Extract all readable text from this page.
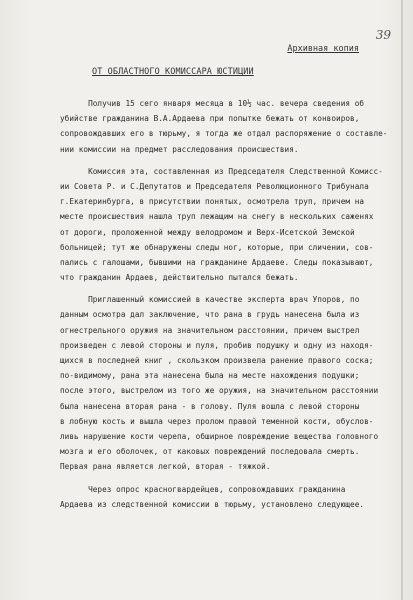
39
Архивная копия
ОТ ОБЛАСТНОГО КОМИССАРА ЮСТИЦИИ
Получив 15 сего января месяца в 10½ час. вечера сведения об
убийстве гражданина В.А.Ардаева при попытке бежать от конвоиров,
сопровождавших его в тюрьму, я тогда же отдал распоряжение о составле-
нии комиссии на предмет расследования происшествия.
Комиссия эта, составленная из Председателя Следственной Комисс-
ии Совета Р. и С.Депутатов и Председателя Революционного Трибунала
г.Екатеринбурга, в присутствии понятых, осмотрела труп, причем на
месте происшествия нашла труп лежащим на снегу в нескольких саженях
от дороги, проложенной между велодромом и Верх-Исетской Земской
больницей; тут же обнаружены следы ног, которые, при сличении, сов-
пались с галошами, бывшими на гражданине Ардаеве. Следы показывают,
что гражданин Ардаев, действительно пытался бежать.
Приглашенный комиссией в качестве эксперта врач Упоров, по
данным осмотра дал заключение, что рана в грудь нанесена была из
огнестрельного оружия на значительном расстоянии, причем выстрел
произведен с левой стороны и пуля, пробив подушку и одну из находя-
щихся в последней книг , скользком произвела ранение правого соска;
по-видимому, рана эта нанесена была на месте нахождения подушки;
после этого, выстрелом из того же оружия, на значительном расстоянии
была нанесена вторая рана - в голову. Пуля вошла с левой стороны
в лобную кость и вышла через пролом правой теменной кости, обуслов-
ливь нарушение кости черепа, обширное повреждение вещества головного
мозга и его оболочек, от каковых повреждений последовала смерть.
Первая рана является легкой, вторая - тяжкой.
Через опрос красногвардейцев, сопровождавших гражданина
Ардаева из следственной комиссии в тюрьму, установлено следующее.
